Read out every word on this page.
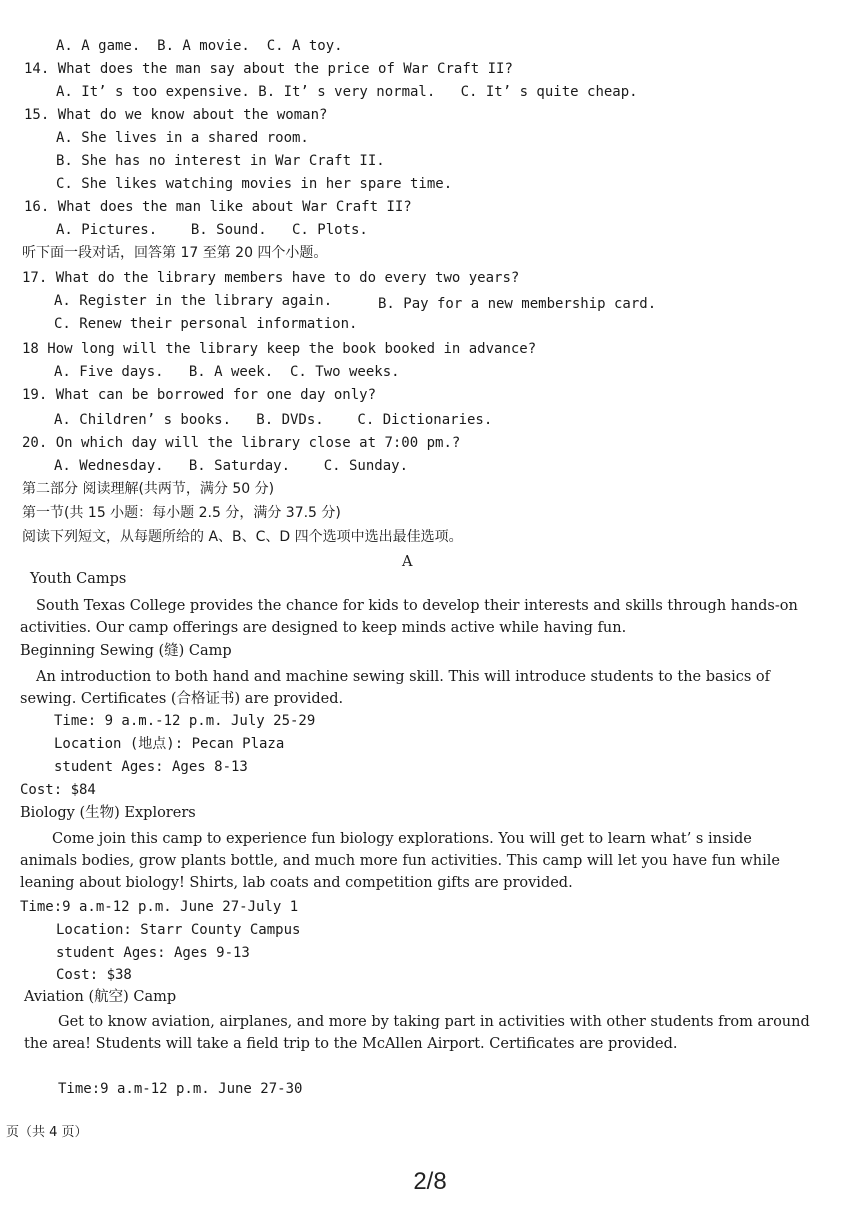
A. A game.  B. A movie.  C. A toy.
14. What does the man say about the price of War Craft II?
A. It’ s too expensive. B. It’ s very normal.   C. It’ s quite cheap.
15. What do we know about the woman?
A. She lives in a shared room.
B. She has no interest in War Craft II.
C. She likes watching movies in her spare time.
16. What does the man like about War Craft II?
A. Pictures.    B. Sound.   C. Plots.
听下面一段对话，回答第 17 至第 20 四个小题。
17. What do the library members have to do every two years?
A. Register in the library again.	B. Pay for a new membership card.
C. Renew their personal information.
18 How long will the library keep the book booked in advance?
A. Five days.   B. A week.  C. Two weeks.
19. What can be borrowed for one day only?
A. Children’ s books.   B. DVDs.    C. Dictionaries.
20. On which day will the library close at 7:00 pm.?
A. Wednesday.   B. Saturday.    C. Sunday.
第二部分 阅读理解(共两节，满分 50 分)
第一节(共 15 小题：每小题 2.5 分，满分 37.5 分)
阅读下列短文，从每题所给的 A、B、C、D 四个选项中选出最佳选项。
A
Youth Camps
South Texas College provides the chance for kids to develop their interests and skills through hands-on activities. Our camp offerings are designed to keep minds active while having fun.
Beginning Sewing (缝) Camp
An introduction to both hand and machine sewing skill. This will introduce students to the basics of sewing. Certificates (合格证书) are provided.
Time: 9 a.m.-12 p.m. July 25-29
Location (地点): Pecan Plaza
student Ages: Ages 8-13
Cost: $84
Biology (生物) Explorers
Come join this camp to experience fun biology explorations. You will get to learn what’ s inside animals bodies, grow plants bottle, and much more fun activities. This camp will let you have fun while leaning about biology! Shirts, lab coats and competition gifts are provided.
Time:9 a.m-12 p.m. June 27-July 1
Location: Starr County Campus
student Ages: Ages 9-13
Cost: $38
Aviation (航空) Camp
Get to know aviation, airplanes, and more by taking part in activities with other students from around the area! Students will take a field trip to the McAllen Airport. Certificates are provided.
Time:9 a.m-12 p.m. June 27-30
页（共 4 页）
2/8
